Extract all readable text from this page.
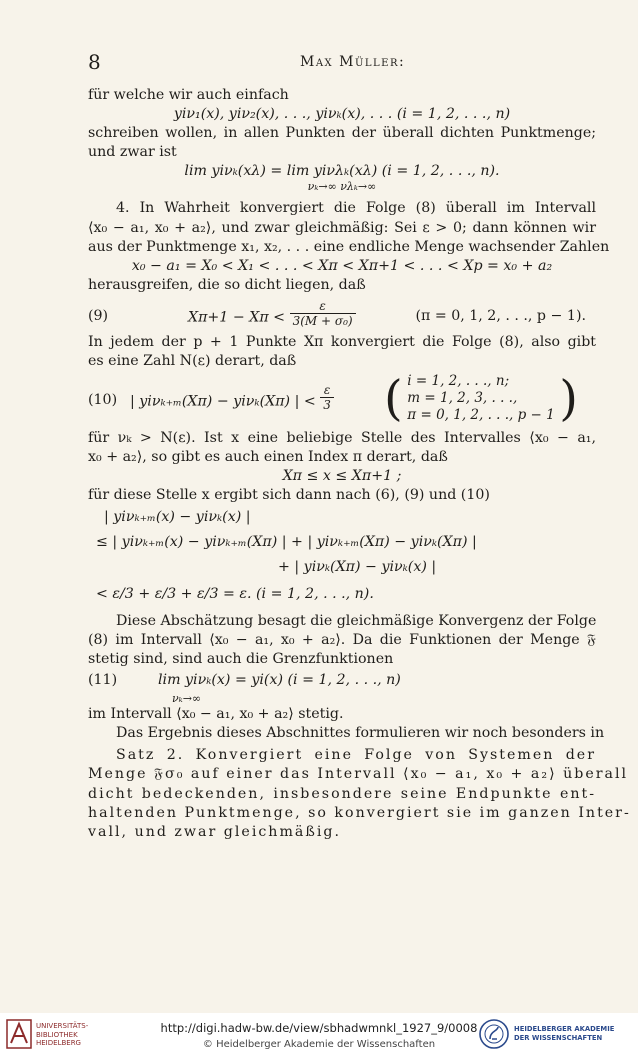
8	Max Müller:
für welche wir auch einfach
yiν₁(x), yiν₂(x), . . ., yiνₖ(x), . . . (i = 1, 2, . . ., n)
schreiben wollen, in allen Punkten der überall dichten Punktmenge;
und zwar ist
lim yiνₖ(xλ) = lim yiνλₖ(xλ) (i = 1, 2, . . ., n).
νₖ→∞ νλₖ→∞
4. In Wahrheit konvergiert die Folge (8) überall im Intervall
⟨x₀ − a₁, x₀ + a₂⟩, und zwar gleichmäßig: Sei ε > 0; dann können wir
aus der Punktmenge x₁, x₂, . . . eine endliche Menge wachsender Zahlen
x₀ − a₁ = X₀ < X₁ < . . . < Xπ < Xπ+1 < . . . < Xp = x₀ + a₂
herausgreifen, die so dicht liegen, daß
(9)	$X\pi+1 - X\pi < \frac{\varepsilon}{\text{3(M + σ₀)}}$	(π = 0, 1, 2, . . ., p − 1).
In jedem der p + 1 Punkte Xπ konvergiert die Folge (8), also gibt
es eine Zahl N(ε) derart, daß
(10) | yiνₖ₊ₘ(Xπ) − yiνₖ(Xπ) | < $\frac{\varepsilon}{3}$ ( i = 1, 2, . . ., n;
m = 1, 2, 3, . . .,
π = 0, 1, 2, . . ., p − 1 )
für νₖ > N(ε). Ist x eine beliebige Stelle des Intervalles ⟨x₀ − a₁,
x₀ + a₂⟩, so gibt es auch einen Index π derart, daß
Xπ ≤ x ≤ Xπ+1 ;
für diese Stelle x ergibt sich dann nach (6), (9) und (10)
| yiνₖ₊ₘ(x) − yiνₖ(x) |
≤ | yiνₖ₊ₘ(x) − yiνₖ₊ₘ(Xπ) | + | yiνₖ₊ₘ(Xπ) − yiνₖ(Xπ) |
+ | yiνₖ(Xπ) − yiνₖ(x) |
< ε/3 + ε/3 + ε/3 = ε. (i = 1, 2, . . ., n).
Diese Abschätzung besagt die gleichmäßige Konvergenz der Folge
(8) im Intervall ⟨x₀ − a₁, x₀ + a₂⟩. Da die Funktionen der Menge 𝔉
stetig sind, sind auch die Grenzfunktionen
(11)	lim yiνₖ(x) = yi(x) (i = 1, 2, . . ., n)
νₖ→∞
im Intervall ⟨x₀ − a₁, x₀ + a₂⟩ stetig.
Das Ergebnis dieses Abschnittes formulieren wir noch besonders in
Satz 2. Konvergiert eine Folge von Systemen der
Menge 𝔉σ₀ auf einer das Intervall ⟨x₀ − a₁, x₀ + a₂⟩ überall
dicht bedeckenden, insbesondere seine Endpunkte ent-
haltenden Punktmenge, so konvergiert sie im ganzen Inter-
vall, und zwar gleichmäßig.
UNIVERSITÄTS-
BIBLIOTHEK
HEIDELBERG
http://digi.hadw-bw.de/view/sbhadwmnkl_1927_9/0008
© Heidelberger Akademie der Wissenschaften
HEIDELBERGER AKADEMIE
DER WISSENSCHAFTEN
